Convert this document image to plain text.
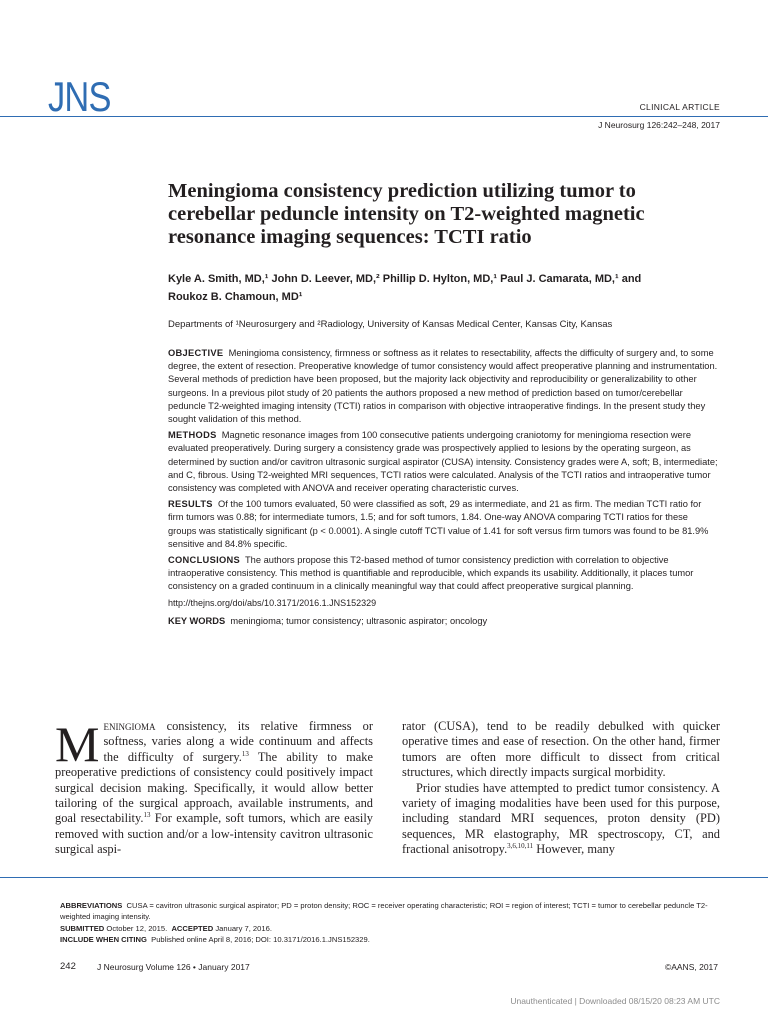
JNS	CLINICAL ARTICLE
J Neurosurg 126:242–248, 2017
Meningioma consistency prediction utilizing tumor to cerebellar peduncle intensity on T2-weighted magnetic resonance imaging sequences: TCTI ratio
Kyle A. Smith, MD,¹ John D. Leever, MD,² Phillip D. Hylton, MD,¹ Paul J. Camarata, MD,¹ and
Roukoz B. Chamoun, MD¹

Departments of ¹Neurosurgery and ²Radiology, University of Kansas Medical Center, Kansas City, Kansas

OBJECTIVE Meningioma consistency, firmness or softness as it relates to resectability, affects the difficulty of surgery and, to some degree, the extent of resection. Preoperative knowledge of tumor consistency would affect preoperative planning and instrumentation. Several methods of prediction have been proposed, but the majority lack objectivity and reproducibility or generalizability to other surgeons. In a previous pilot study of 20 patients the authors proposed a new method of prediction based on tumor/cerebellar peduncle T2-weighted imaging intensity (TCTI) ratios in comparison with objective intraoperative findings. In the present study they sought validation of this method.

METHODS Magnetic resonance images from 100 consecutive patients undergoing craniotomy for meningioma resection were evaluated preoperatively. During surgery a consistency grade was prospectively applied to lesions by the operating surgeon, as determined by suction and/or cavitron ultrasonic surgical aspirator (CUSA) intensity. Consistency grades were A, soft; B, intermediate; and C, fibrous. Using T2-weighted MRI sequences, TCTI ratios were calculated. Analysis of the TCTI ratios and intraoperative tumor consistency was completed with ANOVA and receiver operating characteristic curves.

RESULTS Of the 100 tumors evaluated, 50 were classified as soft, 29 as intermediate, and 21 as firm. The median TCTI ratio for firm tumors was 0.88; for intermediate tumors, 1.5; and for soft tumors, 1.84. One-way ANOVA comparing TCTI ratios for these groups was statistically significant (p < 0.0001). A single cutoff TCTI value of 1.41 for soft versus firm tumors was found to be 81.9% sensitive and 84.8% specific.

CONCLUSIONS The authors propose this T2-based method of tumor consistency prediction with correlation to objective intraoperative consistency. This method is quantifiable and reproducible, which expands its usability. Additionally, it places tumor consistency on a graded continuum in a clinically meaningful way that could affect preoperative surgical planning.

http://thejns.org/doi/abs/10.3171/2016.1.JNS152329

KEY WORDS meningioma; tumor consistency; ultrasonic aspirator; oncology

Meningioma consistency, its relative firmness or softness, varies along a wide continuum and affects the difficulty of surgery.$^{13}$ The ability to make preoperative predictions of consistency could positively impact surgical decision making. Specifically, it would allow better tailoring of the surgical approach, available instruments, and goal resectability.$^{13}$ For example, soft tumors, which are easily removed with suction and/or a low-intensity cavitron ultrasonic surgical aspi-

rator (CUSA), tend to be readily debulked with quicker operative times and ease of resection. On the other hand, firmer tumors are often more difficult to dissect from critical structures, which directly impacts surgical morbidity.

Prior studies have attempted to predict tumor consistency. A variety of imaging modalities have been used for this purpose, including standard MRI sequences, proton density (PD) sequences, MR elastography, MR spectroscopy, CT, and fractional anisotropy.$^{3,6,10,11}$ However, many

ABBREVIATIONS CUSA = cavitron ultrasonic surgical aspirator; PD = proton density; ROC = receiver operating characteristic; ROI = region of interest; TCTI = tumor to cerebellar peduncle T2-weighted imaging intensity.

SUBMITTED October 12, 2015. ACCEPTED January 7, 2016.

INCLUDE WHEN CITING Published online April 8, 2016; DOI: 10.3171/2016.1.JNS152329.

242 J Neurosurg Volume 126 • January 2017	©AANS, 2017
Unauthenticated | Downloaded 08/15/20 08:23 AM UTC
